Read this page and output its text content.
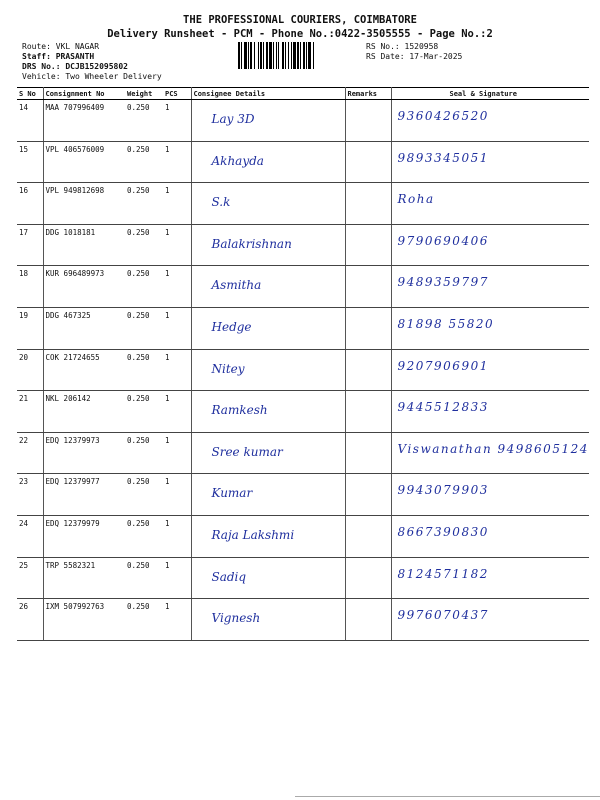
THE PROFESSIONAL COURIERS, COIMBATORE
Delivery Runsheet - PCM - Phone No.:0422-3505555 - Page No.:2
Route: VKL NAGAR
Staff: PRASANTH
DRS No.: DCJB152095802
Vehicle: Two Wheeler Delivery
RS No.: 1520958
RS Date: 17-Mar-2025
S No	Consignment No	Weight	PCS	Consignee Details	Remarks	Seal & Signature
14	MAA 707996409	0.250	1	Lay 3D		9360426520

15	VPL 406576009	0.250	1	Akhayda		9893345051

16	VPL 949812698	0.250	1	S.k		Roha

17	DDG 1018181	0.250	1	Balakrishnan		9790690406

18	KUR 696489973	0.250	1	Asmitha		9489359797

19	DDG 467325	0.250	1	Hedge		81898 55820

20	COK 21724655	0.250	1	Nitey		9207906901

21	NKL 206142	0.250	1	Ramkesh		9445512833

22	EDQ 12379973	0.250	1	Sree kumar		Viswanathan 9498605124

23	EDQ 12379977	0.250	1	Kumar		9943079903

24	EDQ 12379979	0.250	1	Raja Lakshmi		8667390830

25	TRP 5582321	0.250	1	Sadiq		8124571182

26	IXM 507992763	0.250	1	Vignesh		9976070437
